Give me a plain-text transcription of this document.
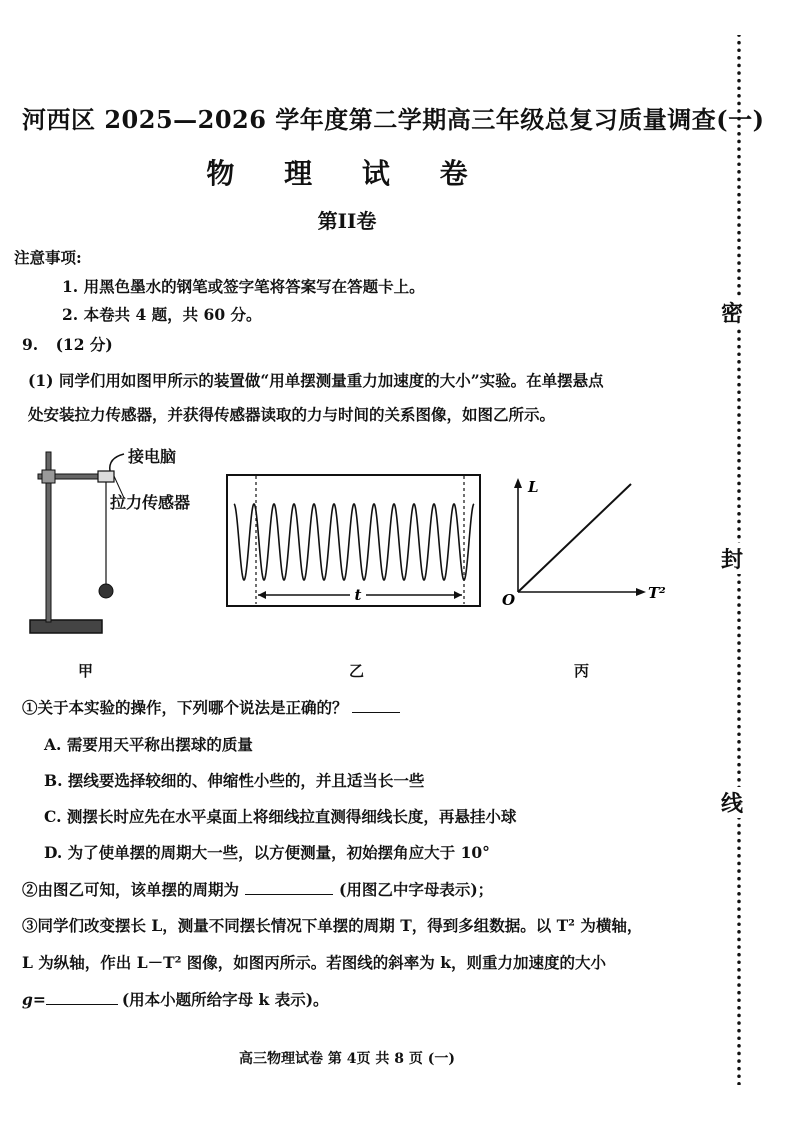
河西区 2025—2026 学年度第二学期高三年级总复习质量调查(一)
物 理 试 卷
第II卷
注意事项:
1. 用黑色墨水的钢笔或签字笔将答案写在答题卡上。
2. 本卷共 4 题，共 60 分。
9. (12 分)
(1) 同学们用如图甲所示的装置做“用单摆测量重力加速度的大小”实验。在单摆悬点
处安装拉力传感器，并获得传感器读取的力与时间的关系图像，如图乙所示。
接电脑
拉力传感器
t
L
T²
O
甲	乙	丙
①关于本实验的操作，下列哪个说法是正确的？
A. 需要用天平称出摆球的质量
B. 摆线要选择较细的、伸缩性小些的，并且适当长一些
C. 测摆长时应先在水平桌面上将细线拉直测得细线长度，再悬挂小球
D. 为了使单摆的周期大一些，以方便测量，初始摆角应大于 10°
②由图乙可知，该单摆的周期为	(用图乙中字母表示)；
③同学们改变摆长 L，测量不同摆长情况下单摆的周期 T，得到多组数据。以 T² 为横轴，
L 为纵轴，作出 L－T² 图像，如图丙所示。若图线的斜率为 k，则重力加速度的大小
g=	(用本小题所给字母 k 表示)。
密
封
线
高三物理试卷 第 4页 共 8 页 (一)
